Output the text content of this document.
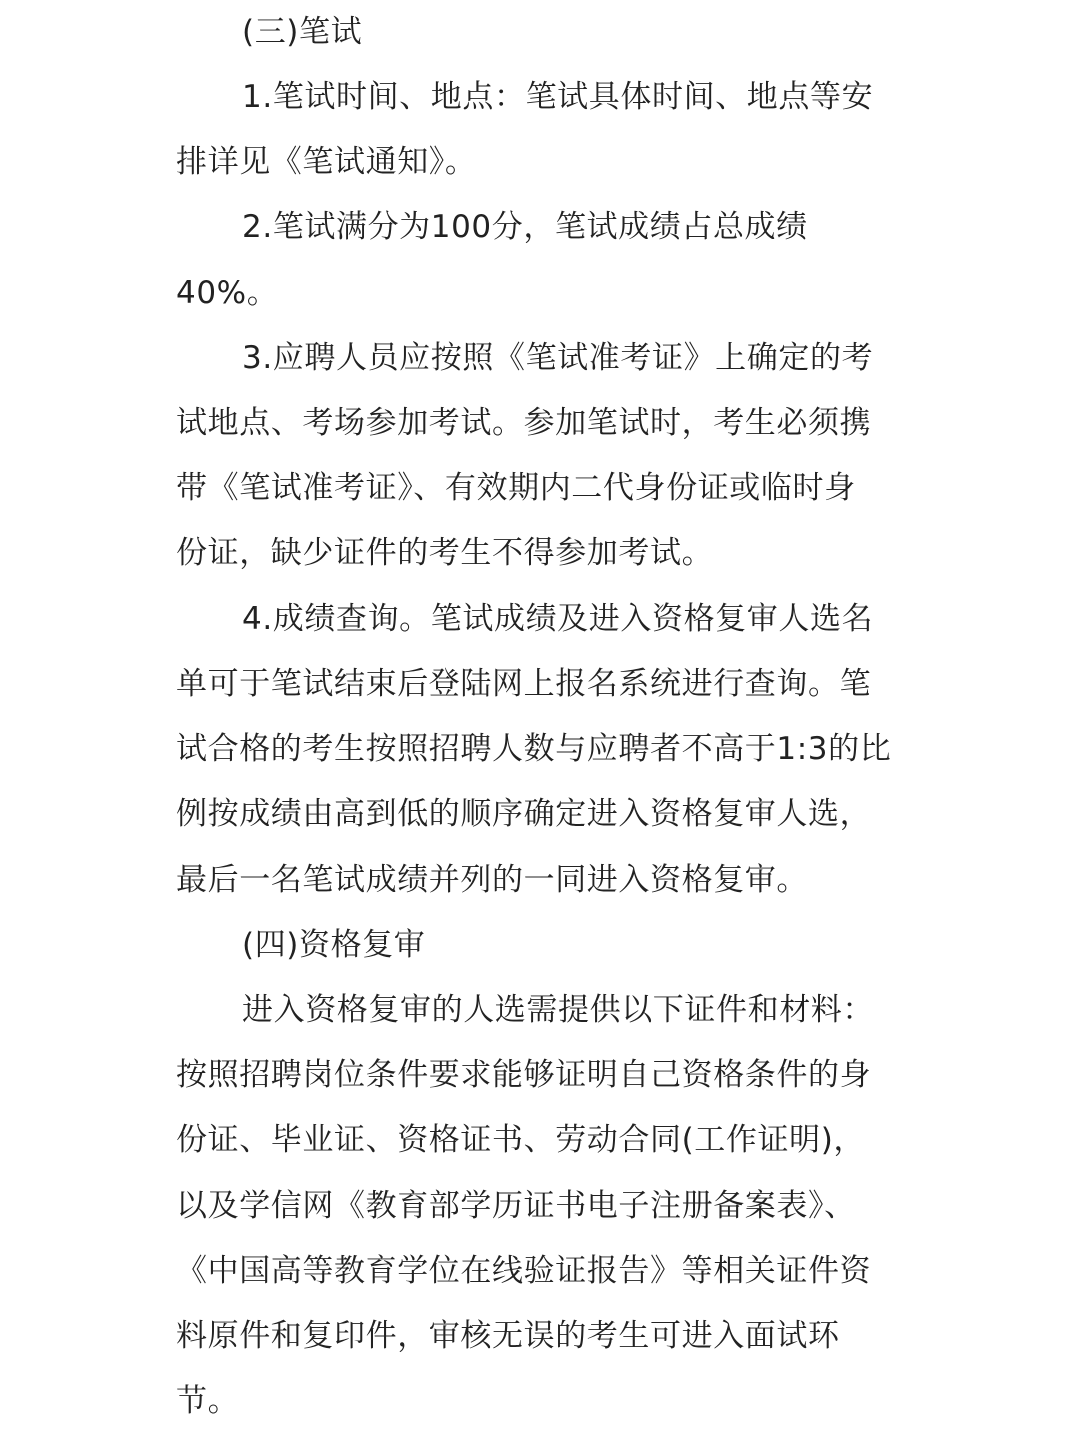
(三)笔试
1.笔试时间、地点：笔试具体时间、地点等安
排详见《笔试通知》。
2.笔试满分为100分，笔试成绩占总成绩
40%。
3.应聘人员应按照《笔试准考证》上确定的考
试地点、考场参加考试。参加笔试时，考生必须携
带《笔试准考证》、有效期内二代身份证或临时身
份证，缺少证件的考生不得参加考试。
4.成绩查询。笔试成绩及进入资格复审人选名
单可于笔试结束后登陆网上报名系统进行查询。笔
试合格的考生按照招聘人数与应聘者不高于1:3的比
例按成绩由高到低的顺序确定进入资格复审人选，
最后一名笔试成绩并列的一同进入资格复审。
(四)资格复审
进入资格复审的人选需提供以下证件和材料：
按照招聘岗位条件要求能够证明自己资格条件的身
份证、毕业证、资格证书、劳动合同(工作证明)，
以及学信网《教育部学历证书电子注册备案表》、
《中国高等教育学位在线验证报告》等相关证件资
料原件和复印件，审核无误的考生可进入面试环
节。
